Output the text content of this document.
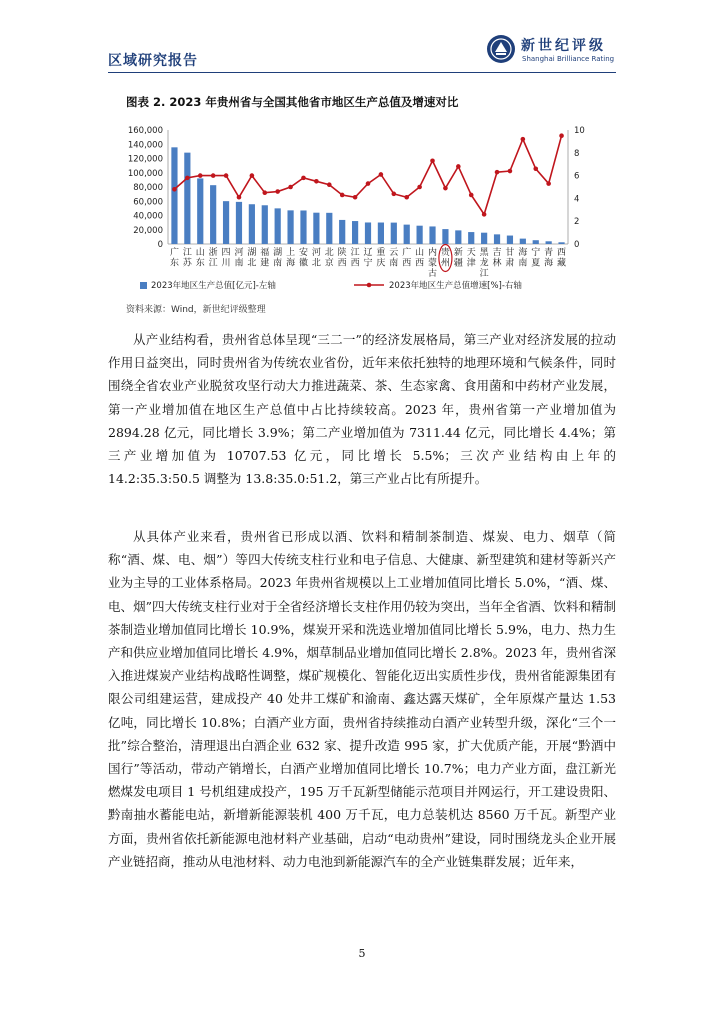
区域研究报告
新世纪评级
Shanghai Brilliance Rating
图表 2. 2023 年贵州省与全国其他省市地区生产总值及增速对比
0
20,000
40,000
60,000
80,000
100,000
120,000
140,000
160,000
0
2
4
6
8
10
广东
江苏
山东
浙江
四川
河南
湖北
福建
湖南
上海
安徽
河北
北京
陕西
江西
辽宁
重庆
云南
广西
山西
内蒙古
贵州
新疆
天津
黑龙江
吉林
甘肃
海南
宁夏
青海
西藏
2023年地区生产总值[亿元]-左轴	2023年地区生产总值增速[%]-右轴
资料来源：Wind，新世纪评级整理

从产业结构看，贵州省总体呈现“三二一”的经济发展格局，第三产业对经济发展的拉动作用日益突出，同时贵州省为传统农业省份，近年来依托独特的地理环境和气候条件，同时围绕全省农业产业脱贫攻坚行动大力推进蔬菜、茶、生态家禽、食用菌和中药材产业发展，第一产业增加值在地区生产总值中占比持续较高。2023 年，贵州省第一产业增加值为 2894.28 亿元，同比增长 3.9%；第二产业增加值为 7311.44 亿元，同比增长 4.4%；第三产业增加值为 10707.53 亿元，同比增长 5.5%；三次产业结构由上年的 14.2:35.3:50.5 调整为 13.8:35.0:51.2，第三产业占比有所提升。

从具体产业来看，贵州省已形成以酒、饮料和精制茶制造、煤炭、电力、烟草（简称“酒、煤、电、烟”）等四大传统支柱行业和电子信息、大健康、新型建筑和建材等新兴产业为主导的工业体系格局。2023 年贵州省规模以上工业增加值同比增长 5.0%，“酒、煤、电、烟”四大传统支柱行业对于全省经济增长支柱作用仍较为突出，当年全省酒、饮料和精制茶制造业增加值同比增长 10.9%，煤炭开采和洗选业增加值同比增长 5.9%，电力、热力生产和供应业增加值同比增长 4.9%，烟草制品业增加值同比增长 2.8%。2023 年，贵州省深入推进煤炭产业结构战略性调整，煤矿规模化、智能化迈出实质性步伐，贵州省能源集团有限公司组建运营，建成投产 40 处井工煤矿和渝南、鑫达露天煤矿，全年原煤产量达 1.53 亿吨，同比增长 10.8%；白酒产业方面，贵州省持续推动白酒产业转型升级，深化“三个一批”综合整治，清理退出白酒企业 632 家、提升改造 995 家，扩大优质产能，开展“黔酒中国行”等活动，带动产销增长，白酒产业增加值同比增长 10.7%；电力产业方面，盘江新光燃煤发电项目 1 号机组建成投产，195 万千瓦新型储能示范项目并网运行，开工建设贵阳、黔南抽水蓄能电站，新增新能源装机 400 万千瓦，电力总装机达 8560 万千瓦。新型产业方面，贵州省依托新能源电池材料产业基础，启动“电动贵州”建设，同时围绕龙头企业开展产业链招商，推动从电池材料、动力电池到新能源汽车的全产业链集群发展；近年来，

5
